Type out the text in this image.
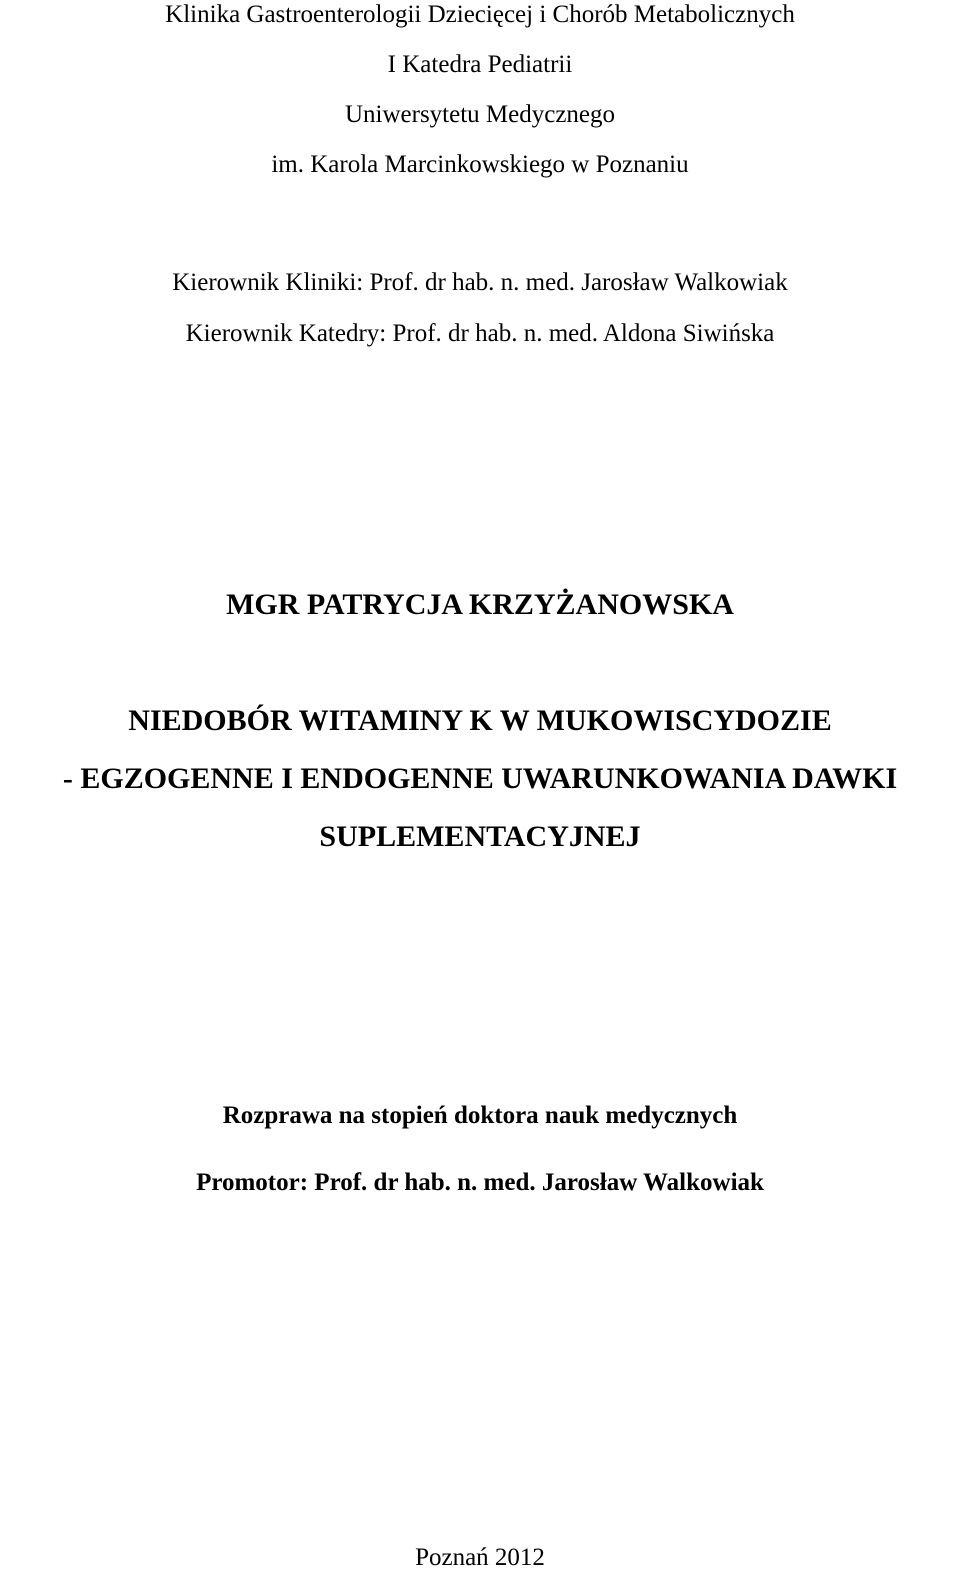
Klinika Gastroenterologii Dziecięcej i Chorób Metabolicznych
I Katedra Pediatrii
Uniwersytetu Medycznego
im. Karola Marcinkowskiego w Poznaniu
Kierownik Kliniki: Prof. dr hab. n. med. Jarosław Walkowiak
Kierownik Katedry: Prof. dr hab. n. med. Aldona Siwińska
MGR PATRYCJA KRZYŻANOWSKA
NIEDOBÓR WITAMINY K W MUKOWISCYDOZIE
- EGZOGENNE I ENDOGENNE UWARUNKOWANIA DAWKI
SUPLEMENTACYJNEJ
Rozprawa na stopień doktora nauk medycznych
Promotor: Prof. dr hab. n. med. Jarosław Walkowiak
Poznań 2012
